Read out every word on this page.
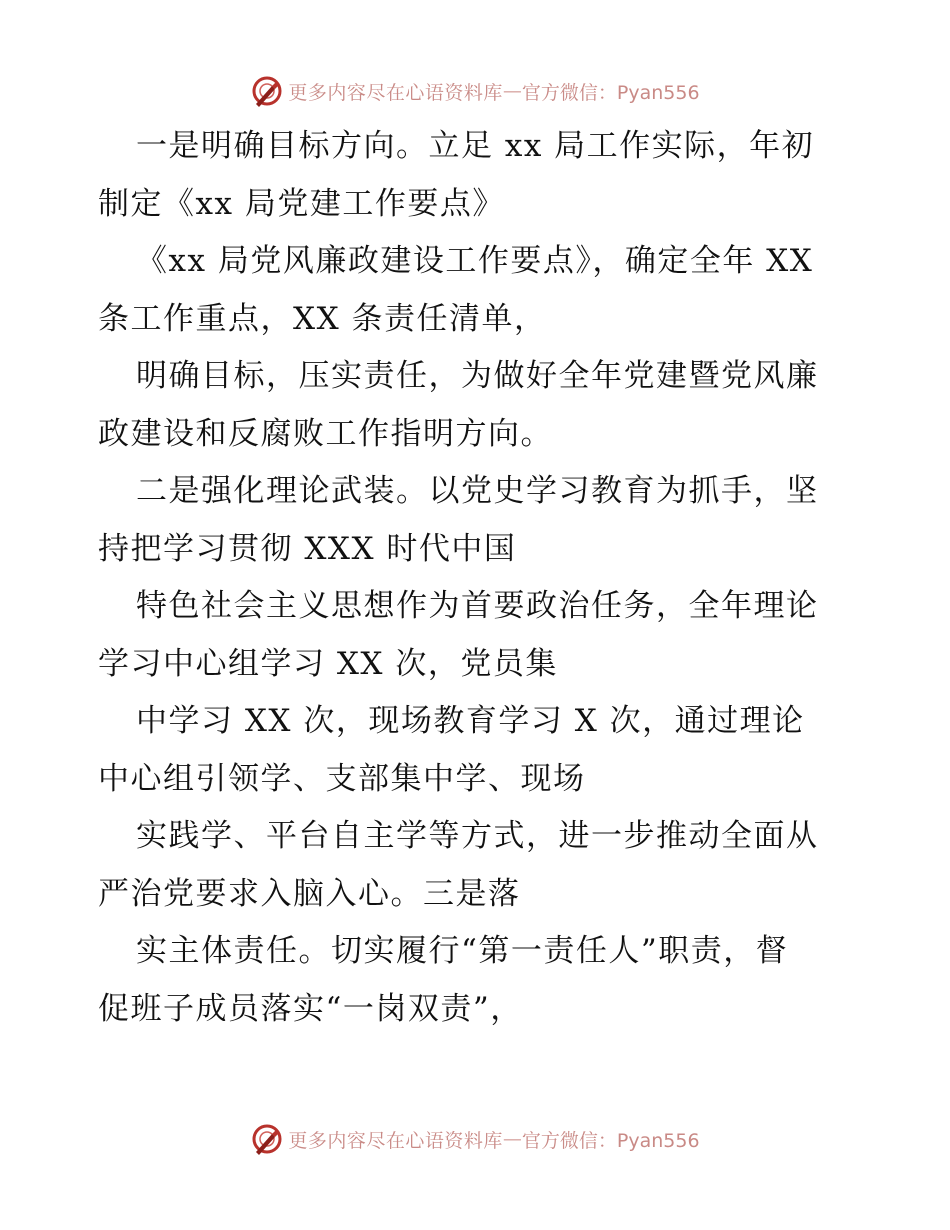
更多内容尽在心语资料库 — 官方微信：Pyan556
一是明确目标方向。立足 xx 局工作实际，年初
制定《xx 局党建工作要点》
《xx 局党风廉政建设工作要点》，确定全年 XX
条工作重点，XX 条责任清单，
明确目标，压实责任，为做好全年党建暨党风廉
政建设和反腐败工作指明方向。
二是强化理论武装。以党史学习教育为抓手，坚
持把学习贯彻 XXX 时代中国
特色社会主义思想作为首要政治任务，全年理论
学习中心组学习 XX 次，党员集
中学习 XX 次，现场教育学习 X 次，通过理论
中心组引领学、支部集中学、现场
实践学、平台自主学等方式，进一步推动全面从
严治党要求入脑入心。三是落
实主体责任。切实履行“第一责任人”职责，督
促班子成员落实“一岗双责”，
更多内容尽在心语资料库 — 官方微信：Pyan556
